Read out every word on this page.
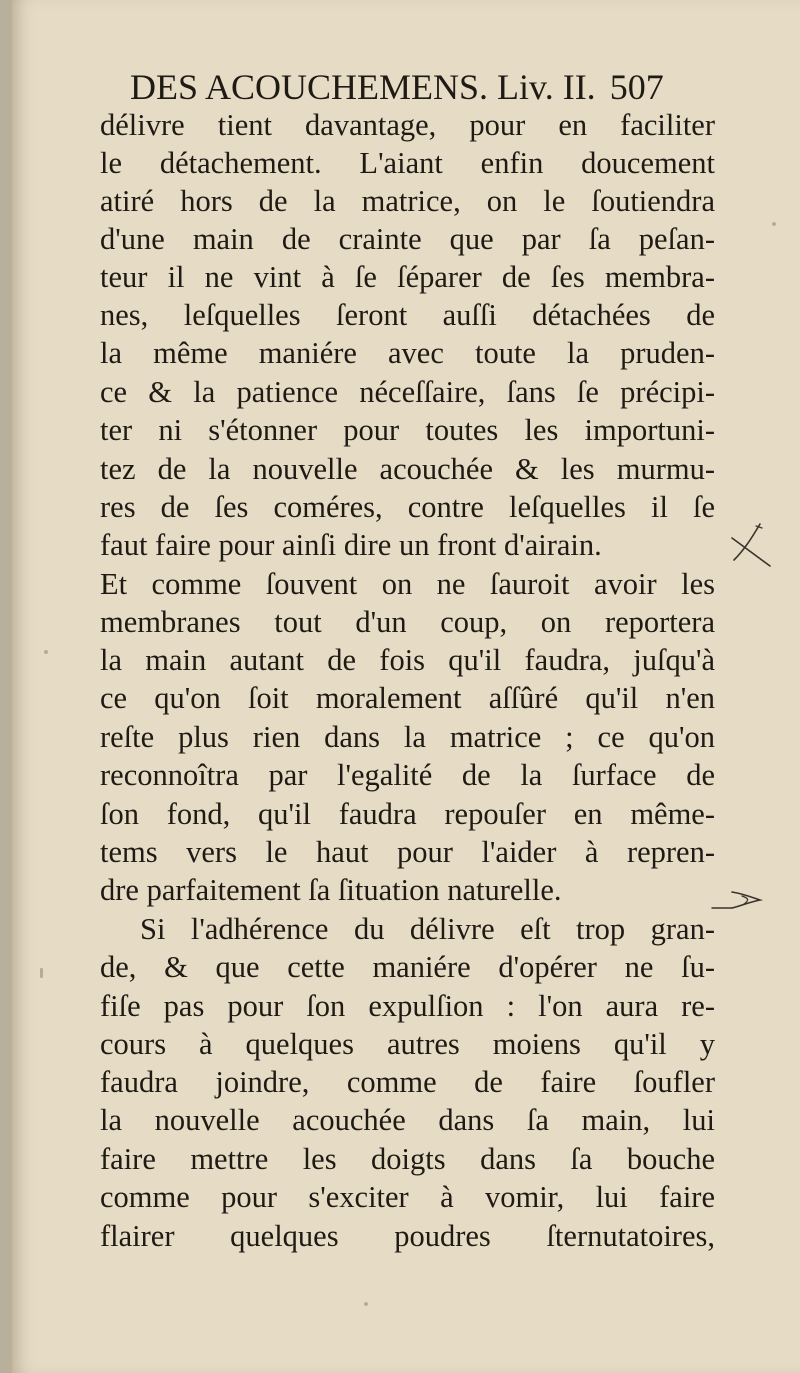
DES ACOUCHEMENS. Liv. II. 507
délivre tient davantage, pour en faciliter
le détachement. L'aiant enfin doucement
atiré hors de la matrice, on le ſoutiendra
d'une main de crainte que par ſa peſan-
teur il ne vint à ſe ſéparer de ſes membra-
nes, leſquelles ſeront auſſi détachées de
la même maniére avec toute la pruden-
ce & la patience néceſſaire, ſans ſe précipi-
ter ni s'étonner pour toutes les importuni-
tez de la nouvelle acouchée & les murmu-
res de ſes coméres, contre leſquelles il ſe
faut faire pour ainſi dire un front d'airain.
Et comme ſouvent on ne ſauroit avoir les
membranes tout d'un coup, on reportera
la main autant de fois qu'il faudra, juſqu'à
ce qu'on ſoit moralement aſſûré qu'il n'en
reſte plus rien dans la matrice ; ce qu'on
reconnoîtra par l'egalité de la ſurface de
ſon fond, qu'il faudra repouſer en même-
tems vers le haut pour l'aider à repren-
dre parfaitement ſa ſituation naturelle.
Si l'adhérence du délivre eſt trop gran-
de, & que cette maniére d'opérer ne ſu-
fiſe pas pour ſon expulſion : l'on aura re-
cours à quelques autres moiens qu'il y
faudra joindre, comme de faire ſoufler
la nouvelle acouchée dans ſa main, lui
faire mettre les doigts dans ſa bouche
comme pour s'exciter à vomir, lui faire
flairer quelques poudres ſternutatoires,
